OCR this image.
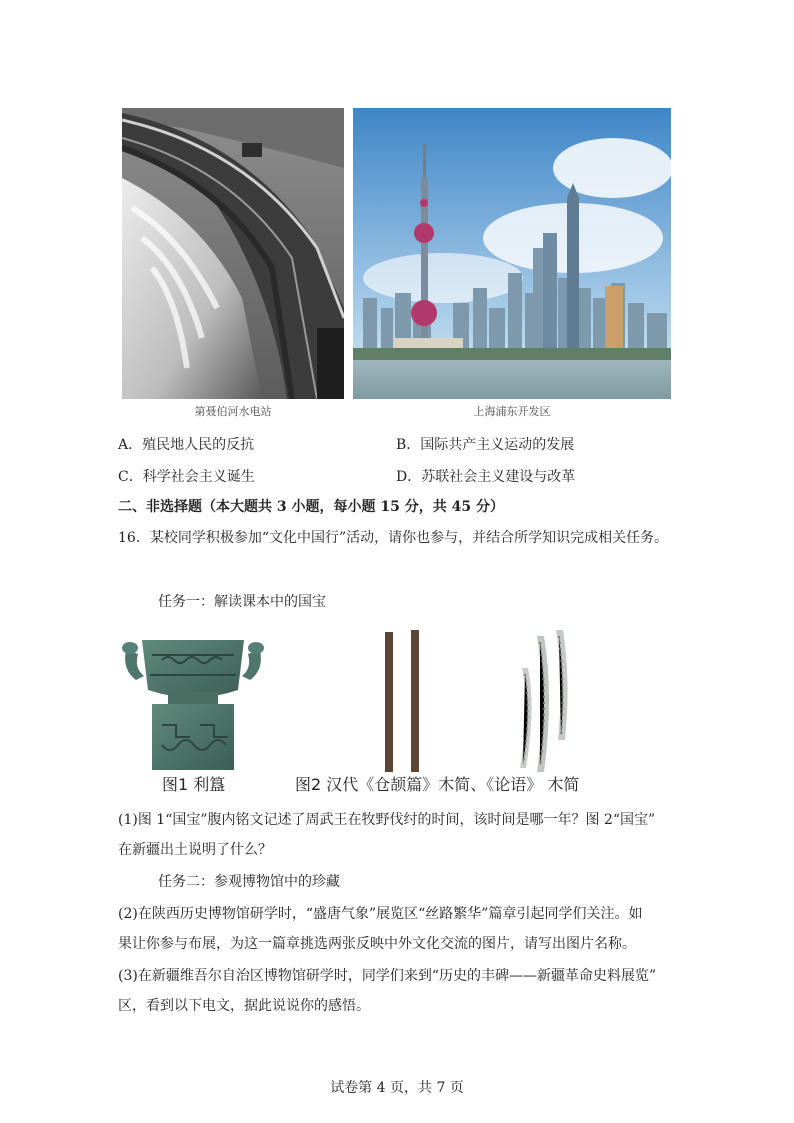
第聂伯河水电站	上海浦东开发区
A．殖民地人民的反抗	B．国际共产主义运动的发展
C．科学社会主义诞生	D．苏联社会主义建设与改革
二、非选择题（本大题共 3 小题，每小题 15 分，共 45 分）
16．某校同学积极参加“文化中国行”活动，请你也参与，并结合所学知识完成相关任务。
任务一：解读课本中的国宝
图1 利簋	图2 汉代《仓颉篇》木简、《论语》 木简
(1)图 1“国宝”腹内铭文记述了周武王在牧野伐纣的时间，该时间是哪一年？图 2“国宝”
在新疆出土说明了什么？
任务二：参观博物馆中的珍藏
(2)在陕西历史博物馆研学时，“盛唐气象”展览区“丝路繁华”篇章引起同学们关注。如
果让你参与布展，为这一篇章挑选两张反映中外文化交流的图片，请写出图片名称。
(3)在新疆维吾尔自治区博物馆研学时，同学们来到“历史的丰碑——新疆革命史料展览”
区，看到以下电文，据此说说你的感悟。
试卷第 4 页，共 7 页
